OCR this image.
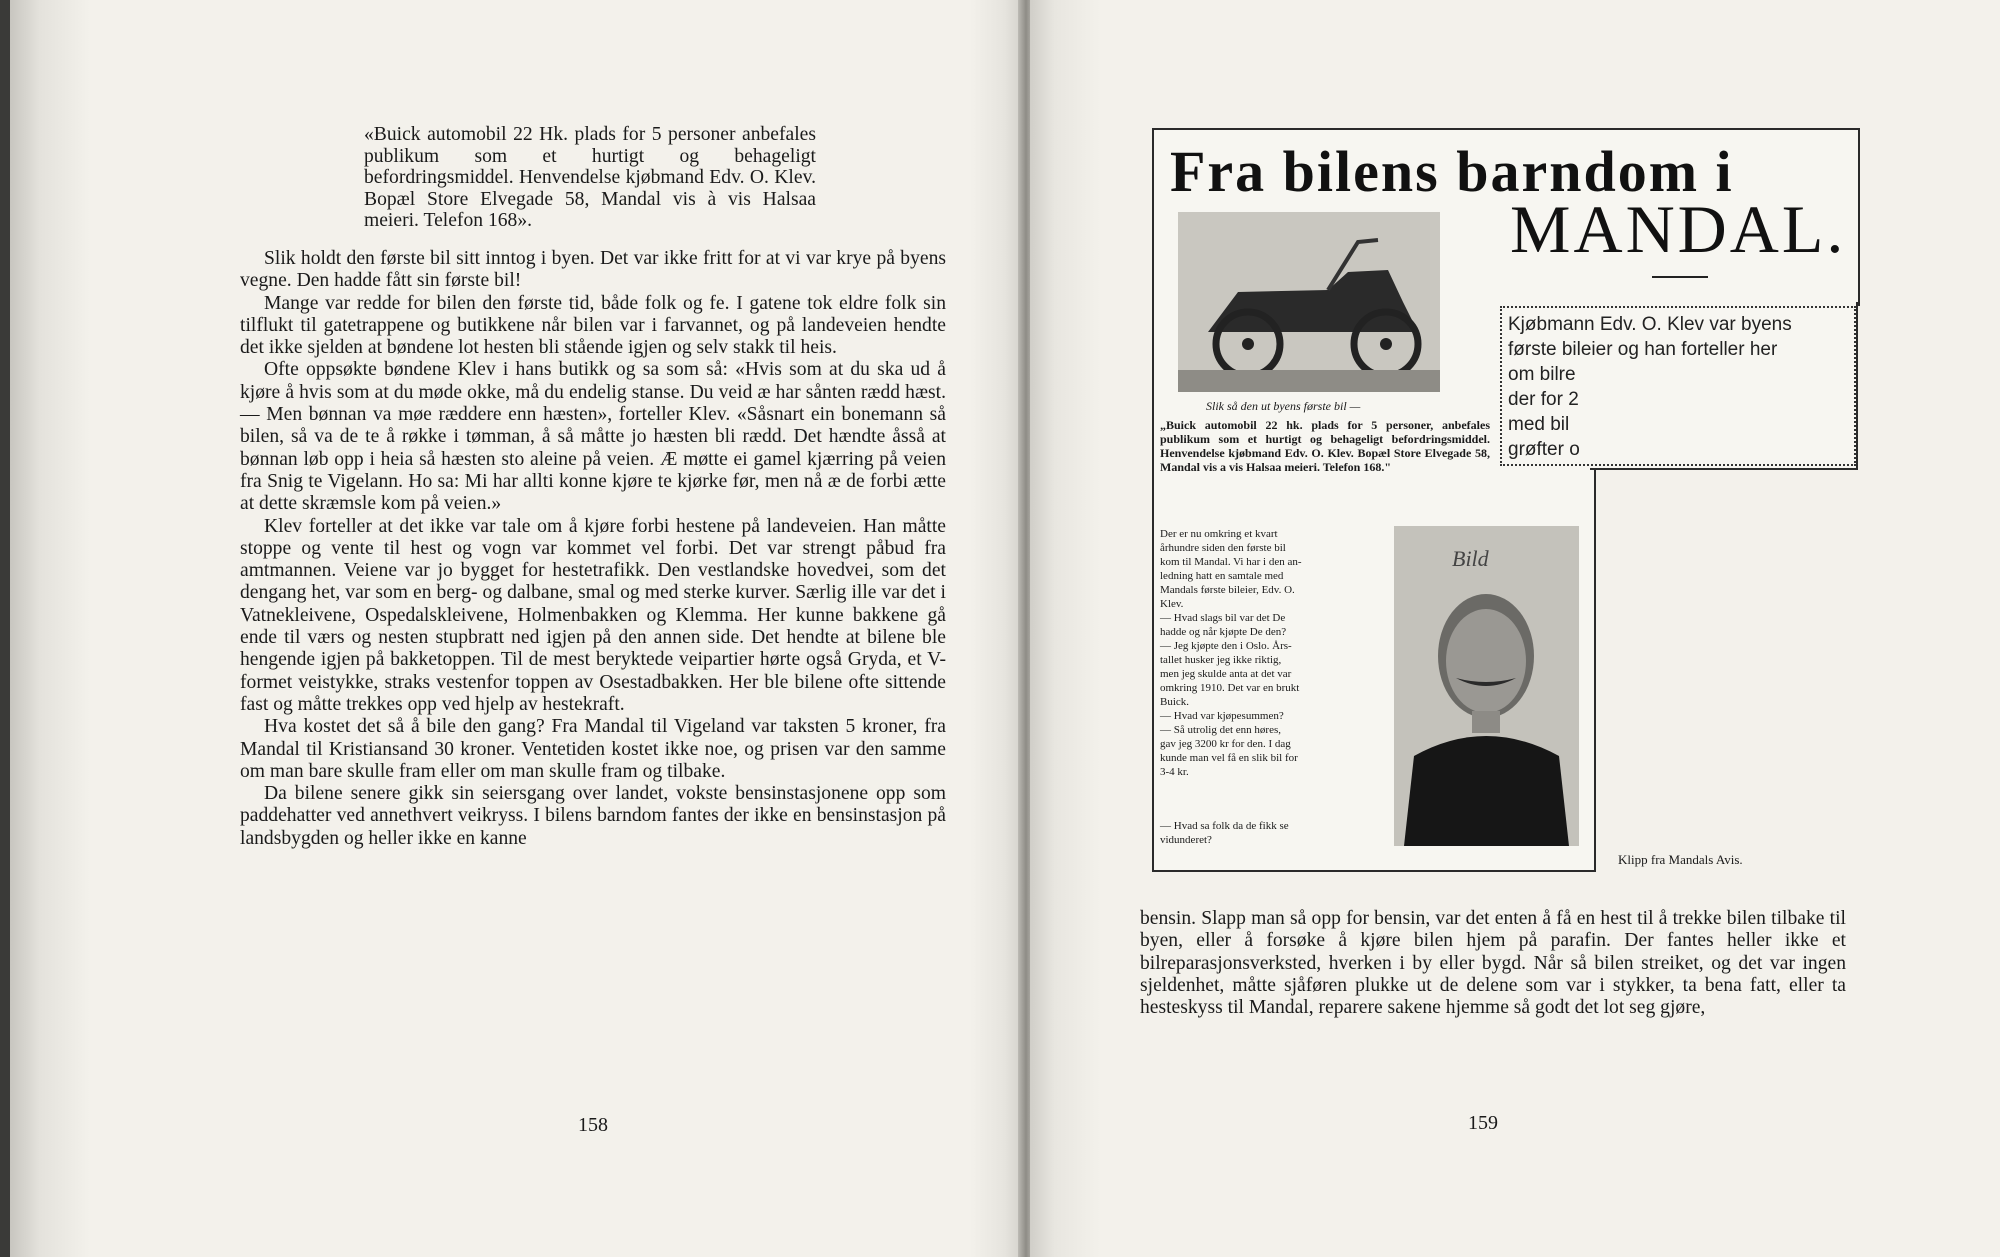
«Buick automobil 22 Hk. plads for 5 personer anbefales publikum som et hurtigt og behageligt befordringsmiddel. Henvendelse kjøbmand Edv. O. Klev. Bopæl Store Elvegade 58, Mandal vis à vis Halsaa meieri. Telefon 168».

Slik holdt den første bil sitt inntog i byen. Det var ikke fritt for at vi var krye på byens vegne. Den hadde fått sin første bil!

Mange var redde for bilen den første tid, både folk og fe. I gatene tok eldre folk sin tilflukt til gatetrappene og butikkene når bilen var i farvannet, og på landeveien hendte det ikke sjelden at bøndene lot hesten bli stående igjen og selv stakk til heis.

Ofte oppsøkte bøndene Klev i hans butikk og sa som så: «Hvis som at du ska ud å kjøre å hvis som at du møde okke, må du endelig stanse. Du veid æ har sånten rædd hæst. — Men bønnan va møe ræddere enn hæsten», forteller Klev. «Såsnart ein bonemann så bilen, så va de te å røkke i tømman, å så måtte jo hæsten bli rædd. Det hændte åsså at bønnan løb opp i heia så hæsten sto aleine på veien. Æ møtte ei gamel kjærring på veien fra Snig te Vigelann. Ho sa: Mi har allti konne kjøre te kjørke før, men nå æ de forbi ætte at dette skræmsle kom på veien.»

Klev forteller at det ikke var tale om å kjøre forbi hestene på landeveien. Han måtte stoppe og vente til hest og vogn var kommet vel forbi. Det var strengt påbud fra amtmannen. Veiene var jo bygget for hestetrafikk. Den vestlandske hovedvei, som det dengang het, var som en berg- og dalbane, smal og med sterke kurver. Særlig ille var det i Vatnekleivene, Ospedalskleivene, Holmenbakken og Klemma. Her kunne bakkene gå ende til værs og nesten stupbratt ned igjen på den annen side. Det hendte at bilene ble hengende igjen på bakketoppen. Til de mest beryktede veipartier hørte også Gryda, et V-formet veistykke, straks vestenfor toppen av Osestadbakken. Her ble bilene ofte sittende fast og måtte trekkes opp ved hjelp av hestekraft.

Hva kostet det så å bile den gang? Fra Mandal til Vigeland var taksten 5 kroner, fra Mandal til Kristiansand 30 kroner. Ventetiden kostet ikke noe, og prisen var den samme om man bare skulle fram eller om man skulle fram og tilbake.

Da bilene senere gikk sin seiersgang over landet, vokste bensinstasjonene opp som paddehatter ved annethvert veikryss. I bilens barndom fantes der ikke en bensinstasjon på landsbygden og heller ikke en kanne

158
Fra bilens barndom i
MANDAL.
Slik så den ut byens første bil —
„Buick automobil 22 hk. plads for 5 personer, anbefales publikum som et hurtigt og behageligt befordringsmiddel. Henvendelse kjøbmand Edv. O. Klev. Bopæl Store Elvegade 58, Mandal vis a vis Halsaa meieri. Telefon 168."
Kjøbmann Edv. O. Klev var byens
første bileier og han forteller her
om bilre
der for 2
med bil
grøfter o
Bild
Der er nu omkring et kvart
århundre siden den første bil
kom til Mandal. Vi har i den an-
ledning hatt en samtale med
Mandals første bileier, Edv. O.
Klev.
— Hvad slags bil var det De
hadde og når kjøpte De den?
— Jeg kjøpte den i Oslo. Års-
tallet husker jeg ikke riktig,
men jeg skulde anta at det var
omkring 1910. Det var en brukt
Buick.
— Hvad var kjøpesummen?
— Så utrolig det enn høres,
gav jeg 3200 kr for den. I dag
kunde man vel få en slik bil for
3-4 kr.
— Hvad sa folk da de fikk se
vidunderet?
Klipp fra Mandals Avis.

bensin. Slapp man så opp for bensin, var det enten å få en hest til å trekke bilen tilbake til byen, eller å forsøke å kjøre bilen hjem på parafin. Der fantes heller ikke et bilreparasjonsverksted, hverken i by eller bygd. Når så bilen streiket, og det var ingen sjeldenhet, måtte sjåføren plukke ut de delene som var i stykker, ta bena fatt, eller ta hesteskyss til Mandal, reparere sakene hjemme så godt det lot seg gjøre,

159
